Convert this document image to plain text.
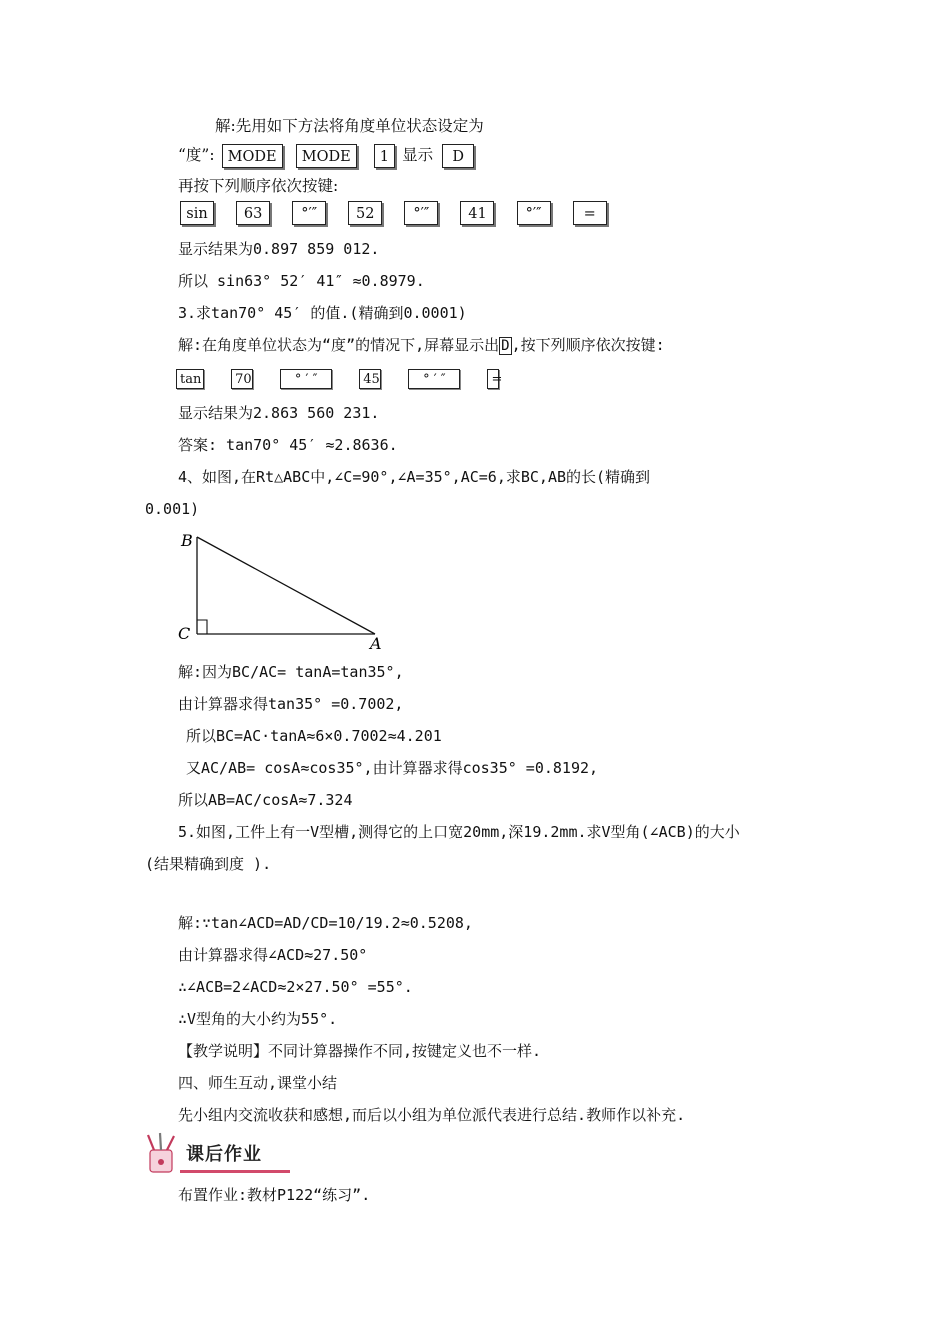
解:先用如下方法将角度单位状态设定为
“度”: MODE MODE 1 显示 D
再按下列顺序依次按键:
sin 63	°′″	52	°′″	41	°′″	=
显示结果为0.897 859 012.
所以 sin63° 52′ 41″ ≈0.8979.
3.求tan70° 45′ 的值.(精确到0.0001)
解:在角度单位状态为“度”的情况下,屏幕显示出 D ,按下列顺序依次按键:
tan	70	° ′ ″	45	° ′ ″	=
显示结果为2.863 560 231.
答案: tan70° 45′ ≈2.8636.
4、如图,在Rt△ABC中,∠C=90°,∠A=35°,AC=6,求BC,AB的长(精确到
0.001)
B
C
A
解:因为BC/AC= tanA=tan35°,
由计算器求得tan35° =0.7002,
所以BC=AC·tanA≈6×0.7002≈4.201
又AC/AB= cosA≈cos35°,由计算器求得cos35° =0.8192,
所以AB=AC/cosA≈7.324
5.如图,工件上有一V型槽,测得它的上口宽20mm,深19.2mm.求V型角(∠ACB)的大小
(结果精确到度 ).
解:∵tan∠ACD=AD/CD=10/19.2≈0.5208,
由计算器求得∠ACD≈27.50°
∴∠ACB=2∠ACD≈2×27.50° =55°.
∴V型角的大小约为55°.
【教学说明】不同计算器操作不同,按键定义也不一样.
四、师生互动,课堂小结
先小组内交流收获和感想,而后以小组为单位派代表进行总结.教师作以补充.
课后作业
布置作业:教材P122“练习”.
